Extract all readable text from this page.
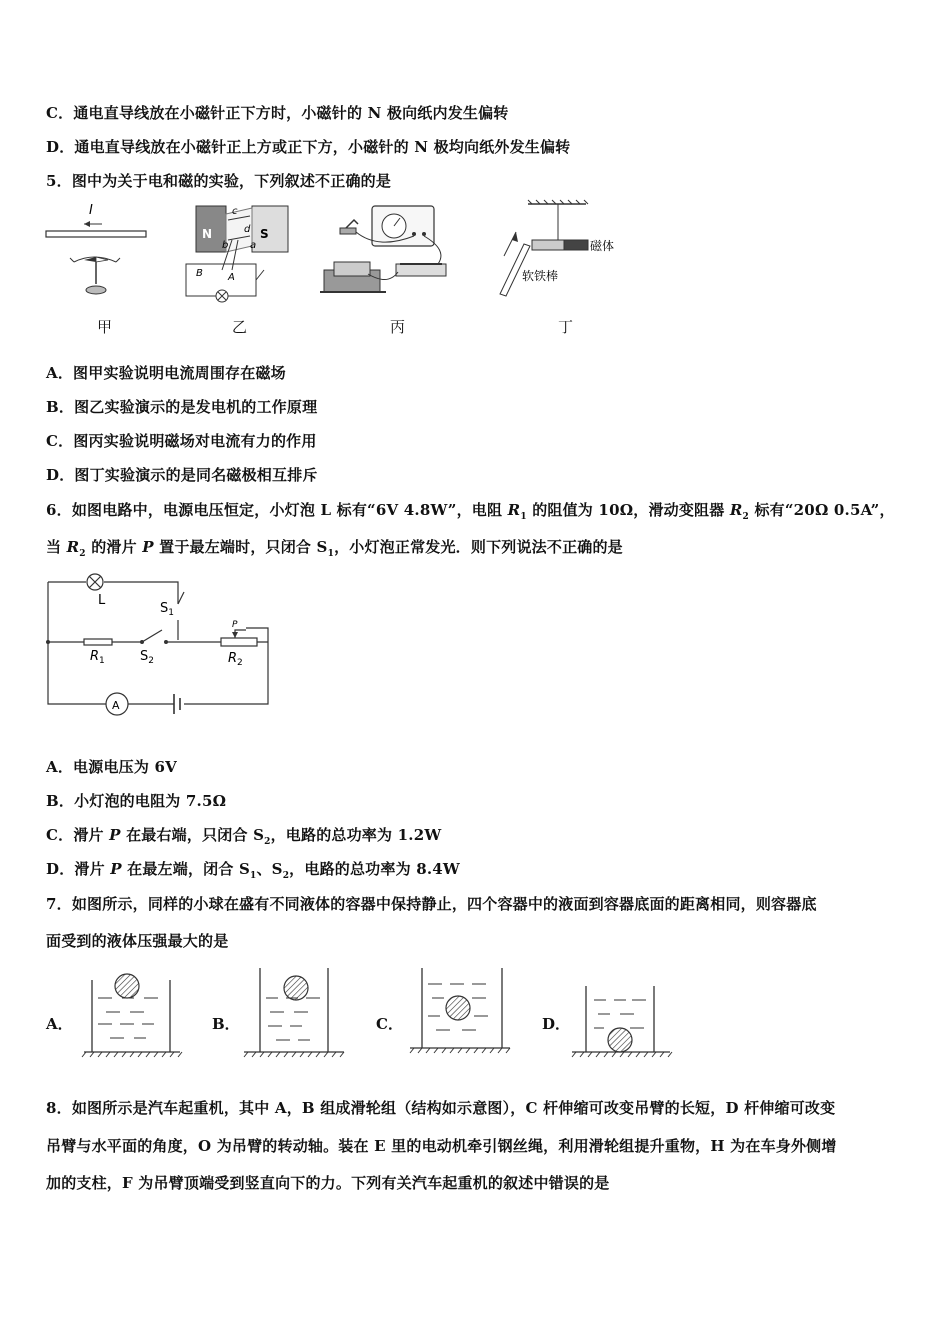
C．通电直导线放在小磁针正下方时，小磁针的 N 极向纸内发生偏转
D．通电直导线放在小磁针正上方或正下方，小磁针的 N 极均向纸外发生偏转
5．图中为关于电和磁的实验，下列叙述不正确的是
I
甲
N	S
c
b
d
a
B	A
乙	丙
磁体
软铁棒
丁
A．图甲实验说明电流周围存在磁场
B．图乙实验演示的是发电机的工作原理
C．图丙实验说明磁场对电流有力的作用
D．图丁实验演示的是同名磁极相互排斥
6．如图电路中，电源电压恒定，小灯泡 L 标有“6V 4.8W”，电阻 $R_1$ 的阻值为 10Ω，滑动变阻器 $R_2$ 标有“20Ω 0.5A”，
当 $R_2$ 的滑片 P 置于最左端时，只闭合 $S_1$，小灯泡正常发光．则下列说法不正确的是
L
$S_1$
$S_2$
$R_1$	$R_2$
P
A
A．电源电压为 6V
B．小灯泡的电阻为 7.5Ω
C．滑片 P 在最右端，只闭合 $S_2$，电路的总功率为 1.2W
D．滑片 P 在最左端，闭合 $S_1$、$S_2$，电路的总功率为 8.4W
7．如图所示，同样的小球在盛有不同液体的容器中保持静止，四个容器中的液面到容器底面的距离相同，则容器底
面受到的液体压强最大的是
A．	B．	C．	D．
8．如图所示是汽车起重机，其中 A，B 组成滑轮组（结构如示意图），C 杆伸缩可改变吊臂的长短，D 杆伸缩可改变
吊臂与水平面的角度，O 为吊臂的转动轴。装在 E 里的电动机牵引钢丝绳，利用滑轮组提升重物，H 为在车身外侧增
加的支柱，F 为吊臂顶端受到竖直向下的力。下列有关汽车起重机的叙述中错误的是
